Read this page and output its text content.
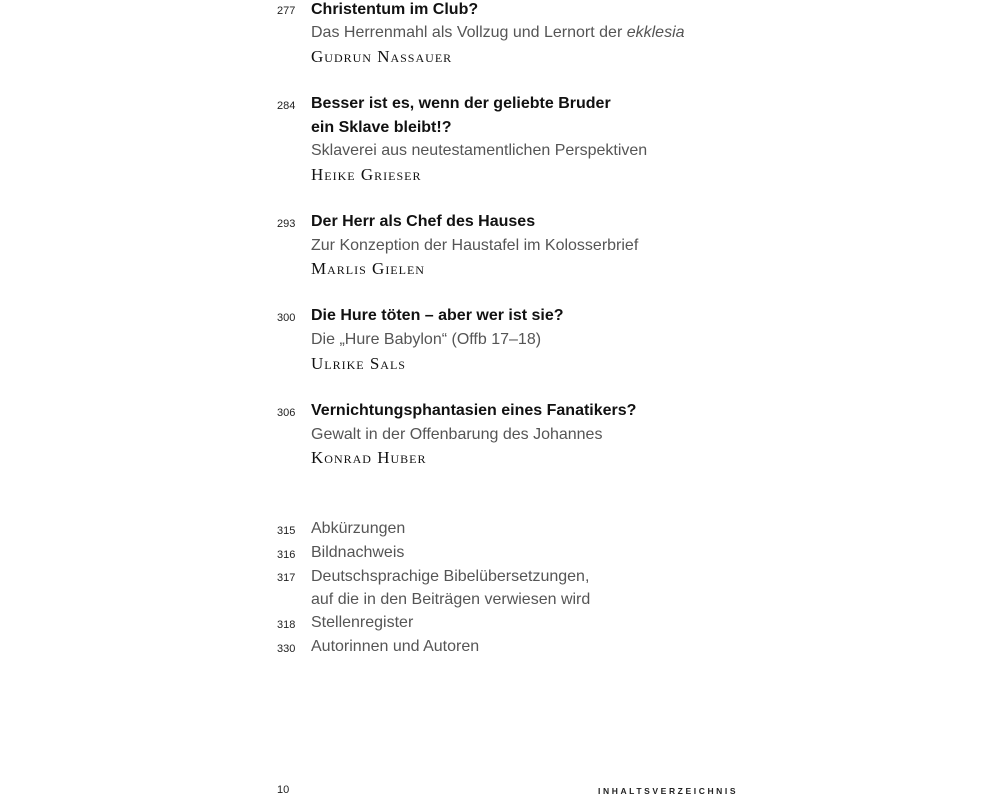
277 Christentum im Club?
Das Herrenmahl als Vollzug und Lernort der ekklesia
Gudrun Nassauer
284 Besser ist es, wenn der geliebte Bruder
ein Sklave bleibt!?
Sklaverei aus neutestamentlichen Perspektiven
Heike Grieser
293 Der Herr als Chef des Hauses
Zur Konzeption der Haustafel im Kolosserbrief
Marlis Gielen
300 Die Hure töten – aber wer ist sie?
Die „Hure Babylon“ (Offb 17–18)
Ulrike Sals
306 Vernichtungsphantasien eines Fanatikers?
Gewalt in der Offenbarung des Johannes
Konrad Huber
315 Abkürzungen
316 Bildnachweis
317 Deutschsprachige Bibelübersetzungen,
auf die in den Beiträgen verwiesen wird
318 Stellenregister
330 Autorinnen und Autoren
10	INHALTSVERZEICHNIS
